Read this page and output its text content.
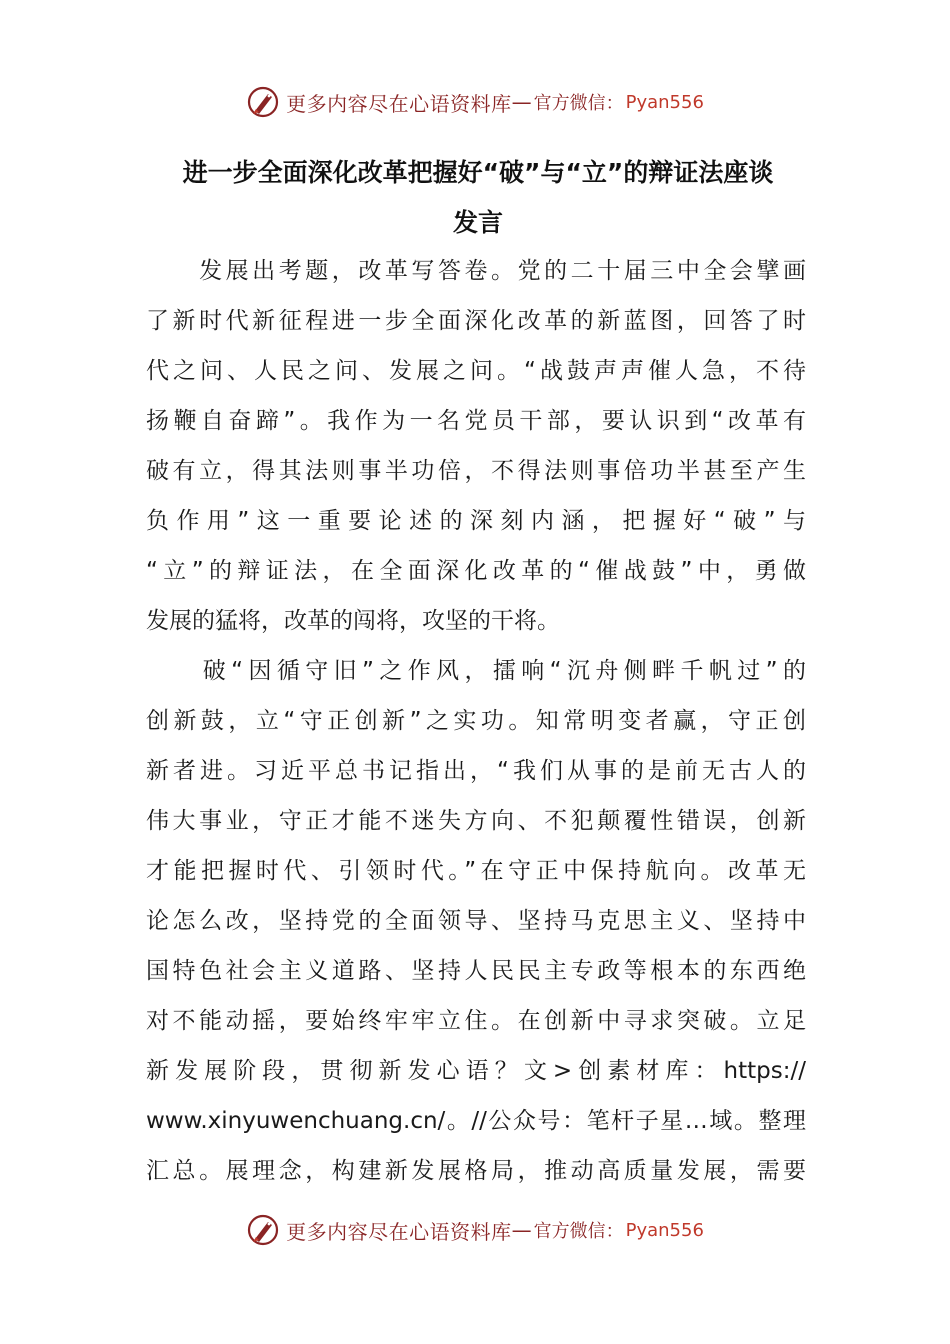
更多内容尽在心语资料库 — 官方微信： Pyan556
进一步全面深化改革把握好“破”与“立”的辩证法座谈
发言
　　发展出考题，改革写答卷。党的二十届三中全会擘画
了新时代新征程进一步全面深化改革的新蓝图，回答了时
代之问、人民之问、发展之问。“战鼓声声催人急，不待
扬鞭自奋蹄”。我作为一名党员干部，要认识到“改革有
破有立，得其法则事半功倍，不得法则事倍功半甚至产生
负作用”这一重要论述的深刻内涵，把握好“破”与
“立”的辩证法，在全面深化改革的“催战鼓”中，勇做
发展的猛将，改革的闯将，攻坚的干将。
　　破“因循守旧”之作风，擂响“沉舟侧畔千帆过”的
创新鼓，立“守正创新”之实功。知常明变者赢，守正创
新者进。习近平总书记指出，“我们从事的是前无古人的
伟大事业，守正才能不迷失方向、不犯颠覆性错误，创新
才能把握时代、引领时代。”在守正中保持航向。改革无
论怎么改，坚持党的全面领导、坚持马克思主义、坚持中
国特色社会主义道路、坚持人民民主专政等根本的东西绝
对不能动摇，要始终牢牢立住。在创新中寻求突破。立足
新发展阶段，贯彻新发心语？文>创素材库：https://
www.xinyuwenchuang.cn/。//公众号：笔杆子星…域。整理
汇总。展理念，构建新发展格局，推动高质量发展，需要
更多内容尽在心语资料库 — 官方微信： Pyan556
